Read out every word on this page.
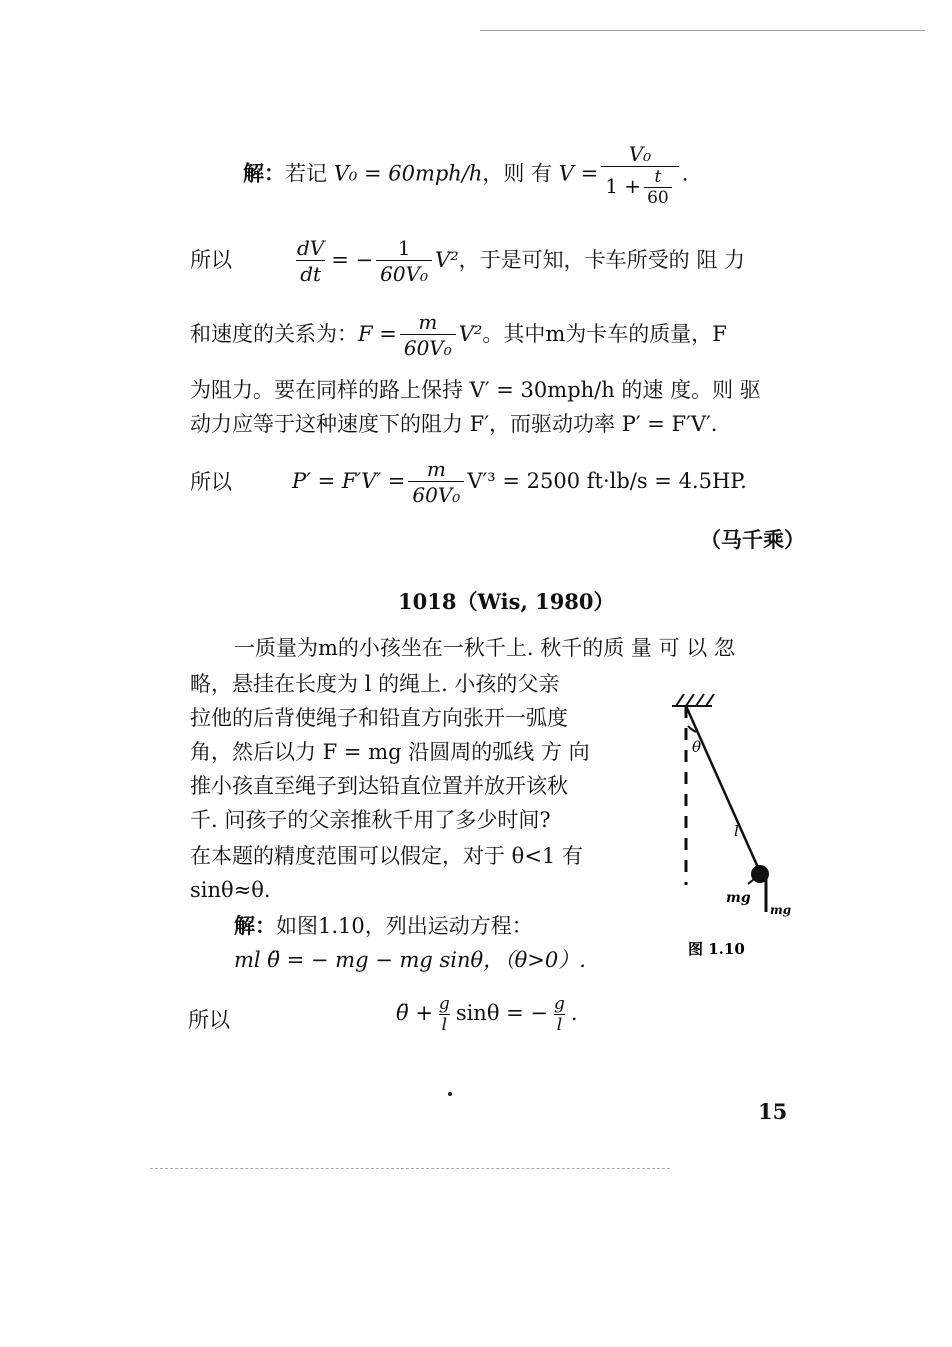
解：若记 V₀ = 60mph/h，则 有 $V = \frac{\text{V₀}}{1 + \frac{t}{60}}$ .
所以	$\frac{dV}{dt}$ = − $\frac{1}{\text{60V₀}} V^2$，于是可知，卡车所受的 阻 力
和速度的关系为：$F = \frac{m}{\text{60V₀}} V^2$。其中m为卡车的质量，F
为阻力。要在同样的路上保持 V′ = 30mph/h 的速 度。则 驱
动力应等于这种速度下的阻力 F′，而驱动功率 P′ = F′V′.
所以	$P' = F'V' = \frac{m}{\text{60V₀}} V'^3 = 2500$ ft·lb/s = 4.5HP.
（马千乘）
1018（Wis, 1980）
一质量为m的小孩坐在一秋千上. 秋千的质 量 可 以 忽
略，悬挂在长度为 l 的绳上. 小孩的父亲
拉他的后背使绳子和铅直方向张开一弧度
角，然后以力 F = mg 沿圆周的弧线 方 向
推小孩直至绳子到达铅直位置并放开该秋
千. 问孩子的父亲推秋千用了多少时间?
在本题的精度范围可以假定，对于 θ<1 有
sinθ≈θ.
解：如图1.10，列出运动方程：
ml θ̈ = − mg − mg sinθ，（θ>0）.
θ
l
mg
mg
图 1.10
所以	θ̈ + $\frac{g}{l}$ sinθ = − $\frac{g}{l}$ .
15
